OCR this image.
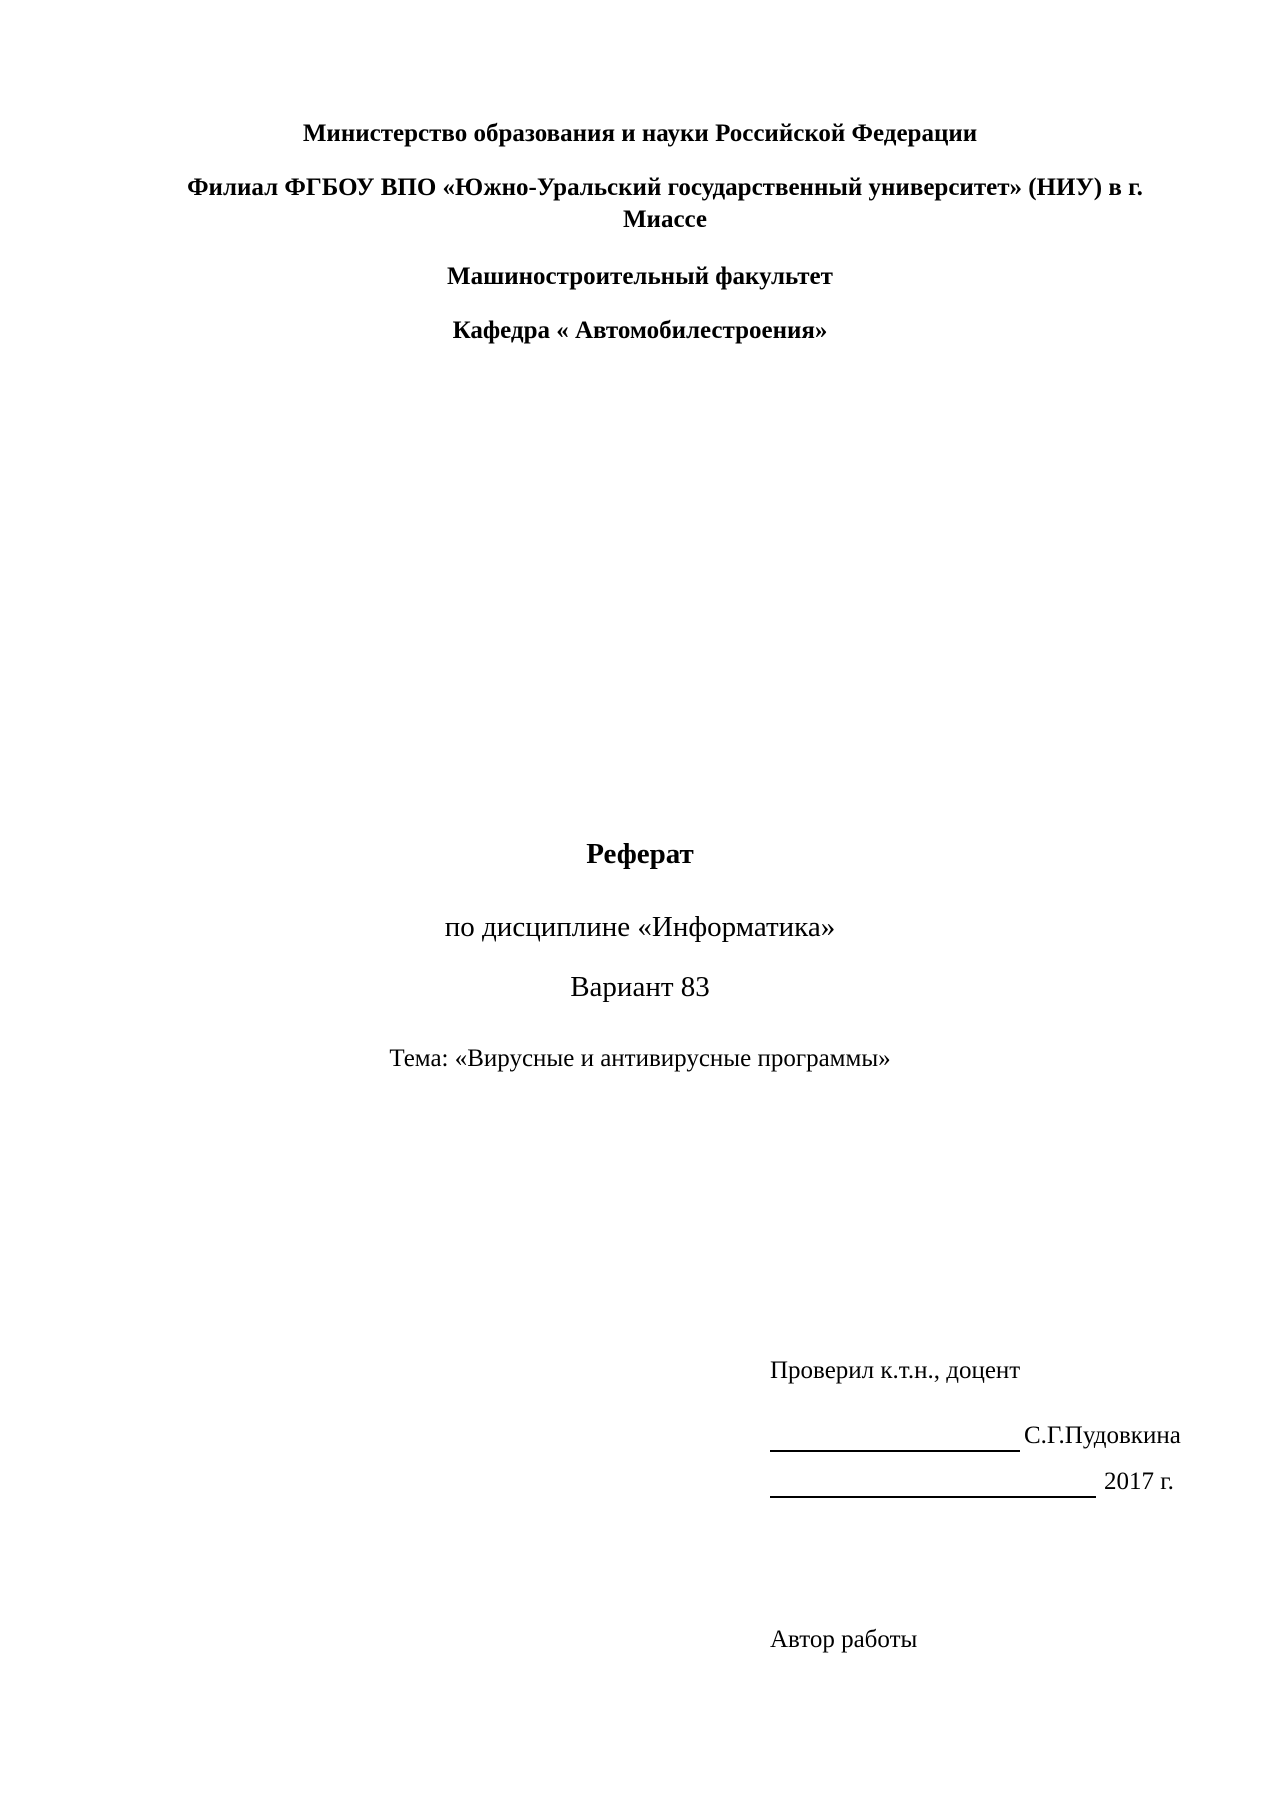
Министерство образования и науки Российской Федерации
Филиал ФГБОУ ВПО «Южно-Уральский государственный университет» (НИУ) в г. Миассе
Машиностроительный факультет
Кафедра « Автомобилестроения»
Реферат
по дисциплине «Информатика»
Вариант 83
Тема: «Вирусные и антивирусные программы»
Проверил к.т.н., доцент
С.Г.Пудовкина
2017 г.
Автор работы
